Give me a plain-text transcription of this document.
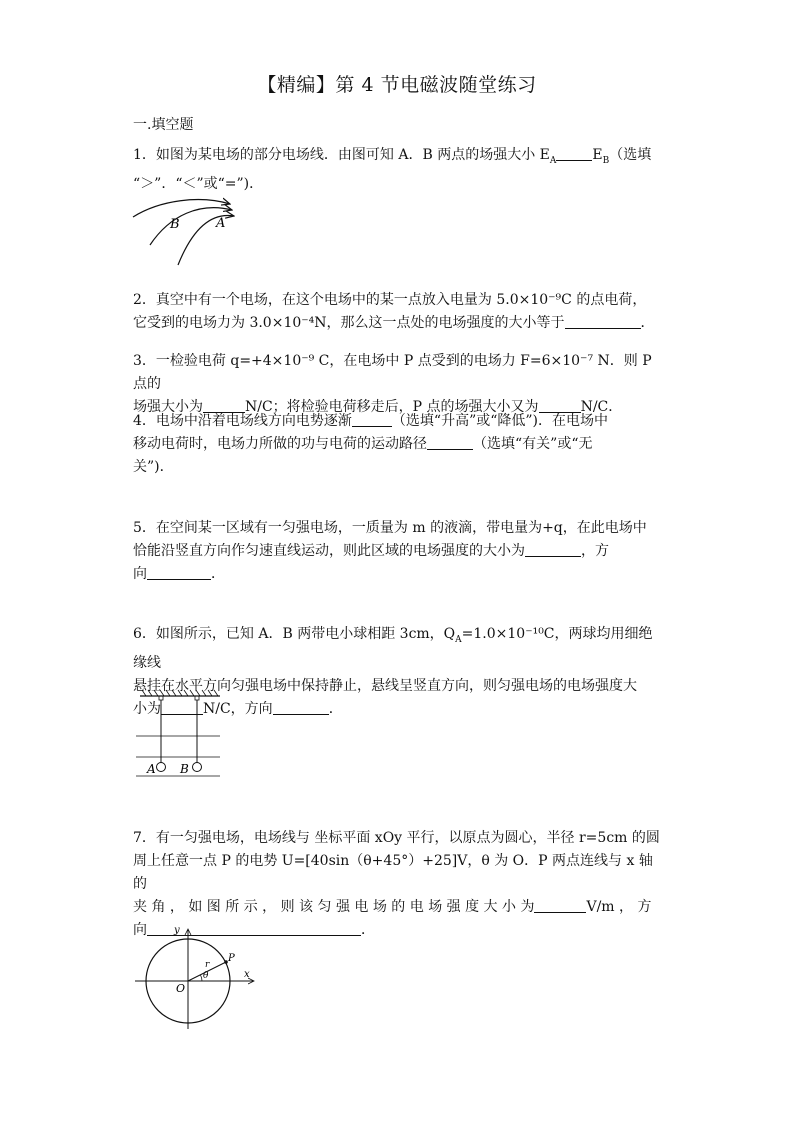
【精编】第 4 节电磁波随堂练习
一.填空题

1．如图为某电场的部分电场线．由图可知 A．B 两点的场强大小 $E_A$	$E_B$（选填

“＞”．“＜”或“=”)．

B	A

2．真空中有一个电场，在这个电场中的某一点放入电量为 5.0×10⁻⁹C 的点电荷，

它受到的电场力为 3.0×10⁻⁴N，那么这一点处的电场强度的大小等于	．

3．一检验电荷 q=+4×10⁻⁹ C，在电场中 P 点受到的电场力 F=6×10⁻⁷ N．则 P 点的

场强大小为	N/C；将检验电荷移走后，P 点的场强大小又为	N/C．

4．电场中沿着电场线方向电势逐渐	（选填“升高”或“降低”)．在电场中

移动电荷时，电场力所做的功与电荷的运动路径	（选填“有关”或“无

关”)．

5．在空间某一区域有一匀强电场，一质量为 m 的液滴，带电量为+q，在此电场中

恰能沿竖直方向作匀速直线运动，则此区域的电场强度的大小为	，方

向	．

6．如图所示，已知 A．B 两带电小球相距 3cm，$Q_A=1.0\times 10^{-10}C$，两球均用细绝缘线

悬挂在水平方向匀强电场中保持静止，悬线呈竖直方向，则匀强电场的电场强度大

小为	N/C，方向	．

A B

7．有一匀强电场，电场线与 坐标平面 xOy 平行，以原点为圆心，半径 r=5cm 的圆

周上任意一点 P 的电势 U=[40sin（θ+45°）+25]V，θ 为 O．P 两点连线与 x 轴的

夹 角 ， 如 图 所 示 ， 则 该 匀 强 电 场 的 电 场 强 度 大 小 为	V/m ， 方

向	．

y
x
O
P
r
θ
